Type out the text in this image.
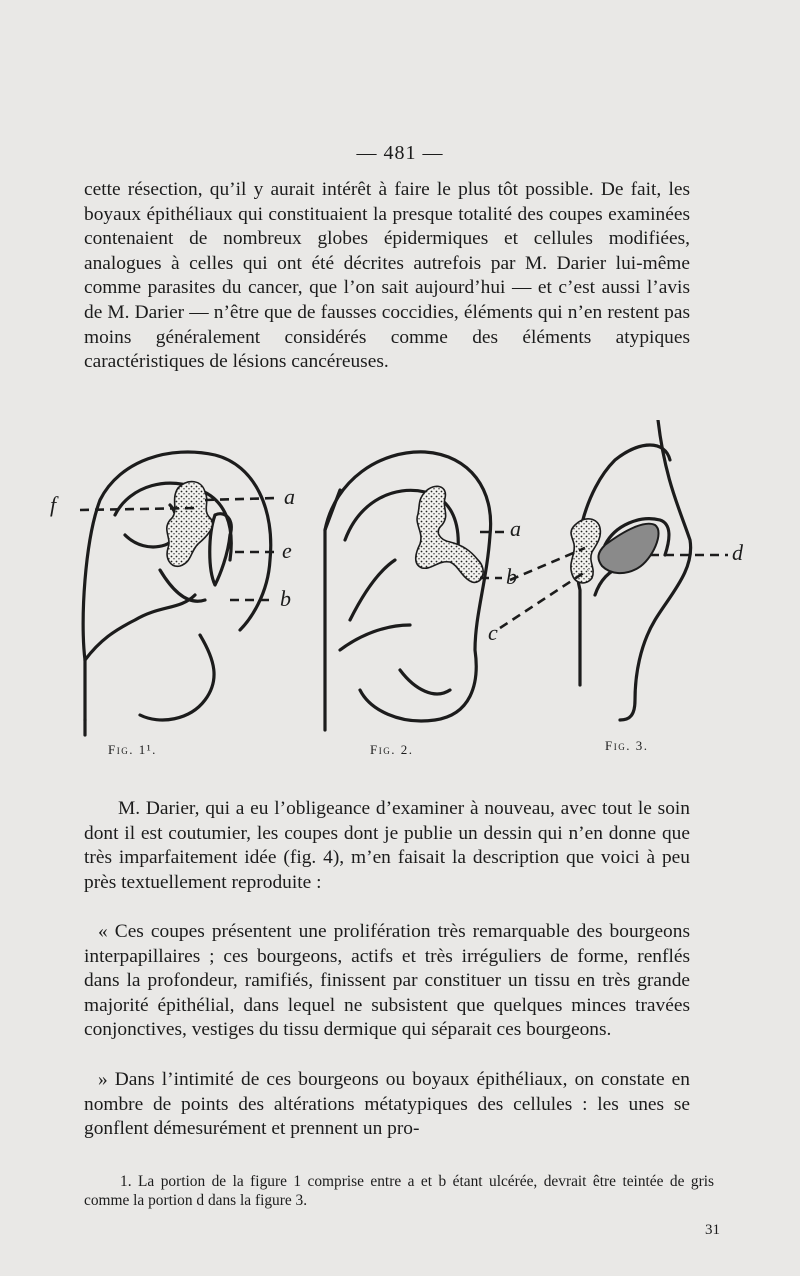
— 481 —

cette résection, qu’il y aurait intérêt à faire le plus tôt possible. De fait, les boyaux épithéliaux qui constituaient la presque totalité des coupes examinées contenaient de nombreux globes épidermiques et cellules modifiées, analogues à celles qui ont été décrites autrefois par M. Darier lui-même comme parasites du cancer, que l’on sait aujourd’hui — et c’est aussi l’avis de M. Darier — n’être que de fausses coccidies, éléments qui n’en restent pas moins généralement considérés comme des éléments atypiques caractéristiques de lésions cancéreuses.

f	a
e
b
a
b
c
d
Fig. 1¹.	Fig. 2.	Fig. 3.

M. Darier, qui a eu l’obligeance d’examiner à nouveau, avec tout le soin dont il est coutumier, les coupes dont je publie un dessin qui n’en donne que très imparfaitement idée (fig. 4), m’en faisait la description que voici à peu près textuellement reproduite :

« Ces coupes présentent une prolifération très remarquable des bourgeons interpapillaires ; ces bourgeons, actifs et très irréguliers de forme, renflés dans la profondeur, ramifiés, finissent par constituer un tissu en très grande majorité épithélial, dans lequel ne subsistent que quelques minces travées conjonctives, vestiges du tissu dermique qui séparait ces bourgeons.

» Dans l’intimité de ces bourgeons ou boyaux épithéliaux, on constate en nombre de points des altérations métatypiques des cellules : les unes se gonflent démesurément et prennent un pro-

1. La portion de la figure 1 comprise entre a et b étant ulcérée, devrait être teintée de gris comme la portion d dans la figure 3.

31
